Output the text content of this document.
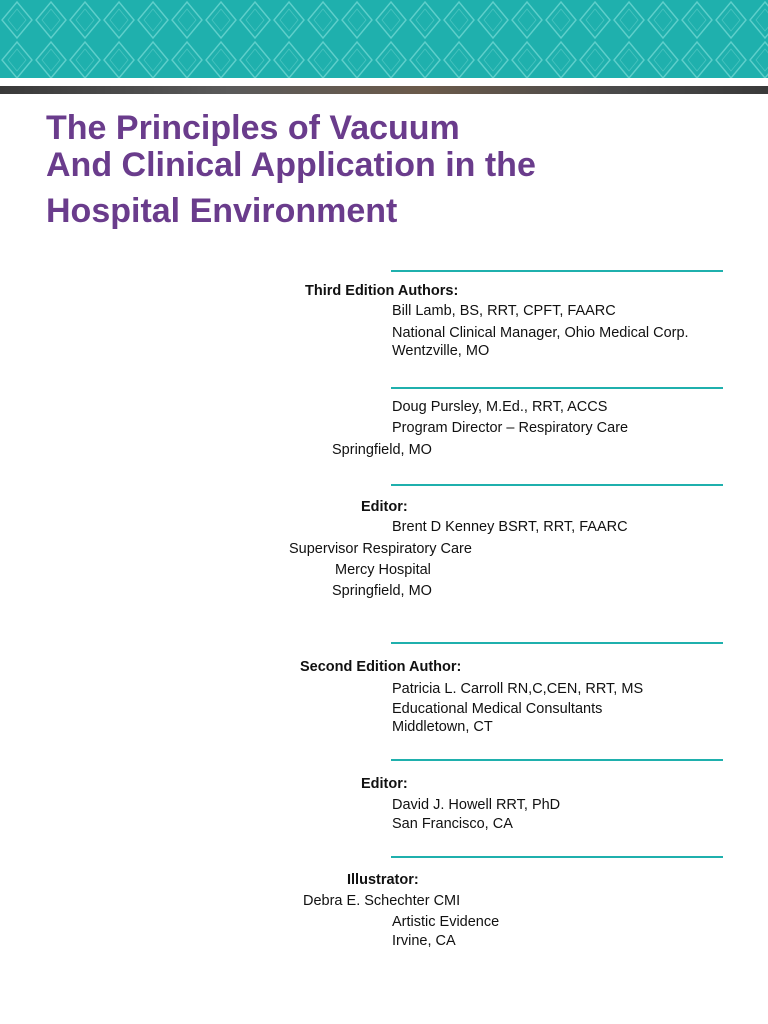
The Principles of Vacuum
And Clinical Application in the
Hospital Environment
Third Edition Authors:
Bill Lamb, BS, RRT, CPFT, FAARC
National Clinical Manager, Ohio Medical Corp.
Wentzville, MO
Doug Pursley, M.Ed., RRT, ACCS
Program Director – Respiratory Care
Springfield, MO
Editor:
Brent D Kenney BSRT, RRT, FAARC
Supervisor Respiratory Care
Mercy Hospital
Springfield, MO
Second Edition Author:
Patricia L. Carroll RN,C,CEN, RRT, MS
Educational Medical Consultants
Middletown, CT
Editor:
David J. Howell RRT, PhD
San Francisco, CA
Illustrator:
Debra E. Schechter CMI
Artistic Evidence
Irvine, CA
